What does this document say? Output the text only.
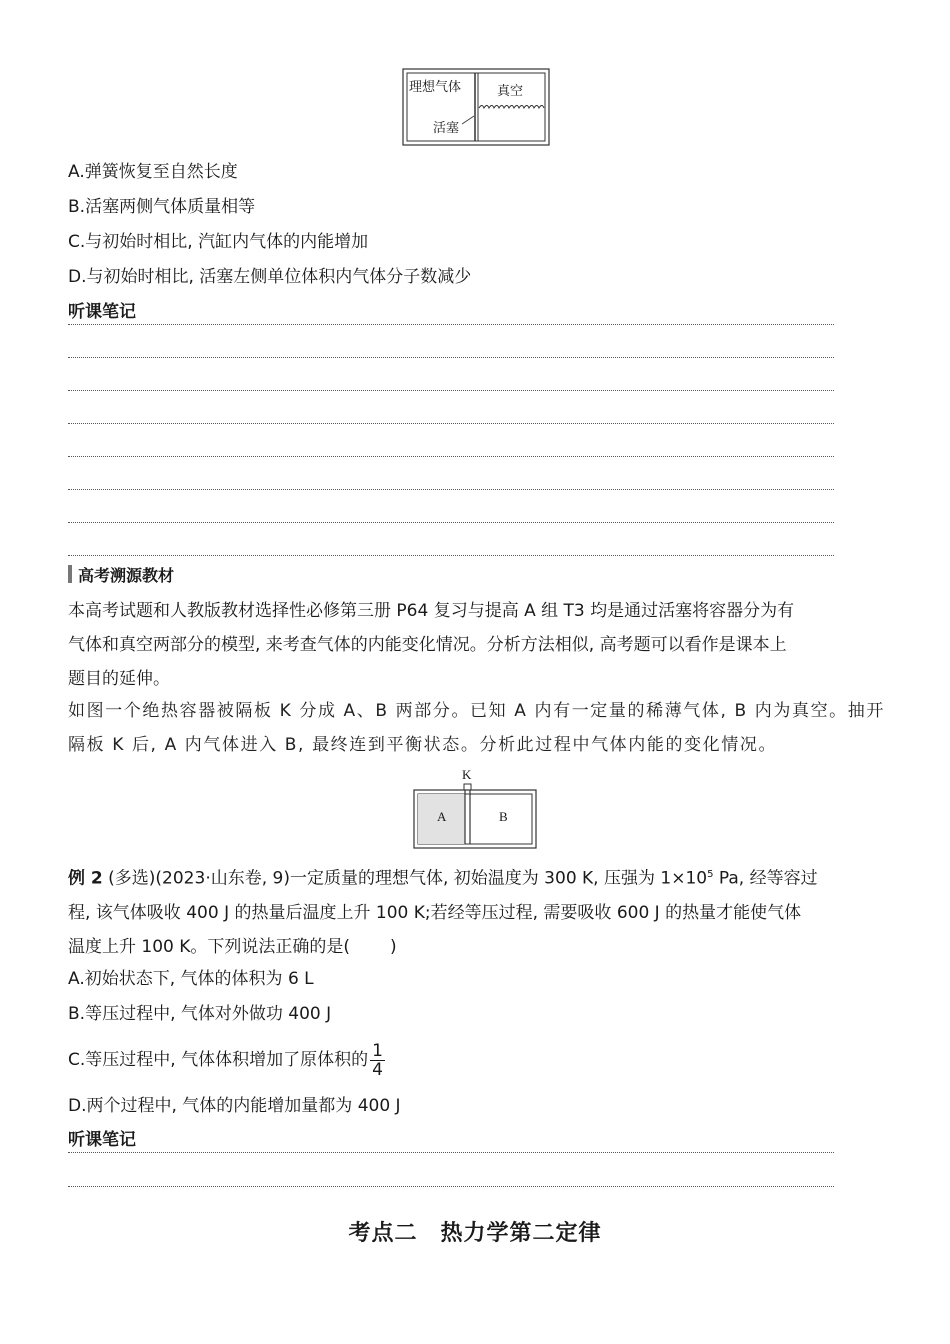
理想气体	真空
活塞
A.弹簧恢复至自然长度
B.活塞两侧气体质量相等
C.与初始时相比, 汽缸内气体的内能增加
D.与初始时相比, 活塞左侧单位体积内气体分子数减少
听课笔记
高考溯源教材
本高考试题和人教版教材选择性必修第三册 P64 复习与提高 A 组 T3 均是通过活塞将容器分为有
气体和真空两部分的模型, 来考查气体的内能变化情况。分析方法相似, 高考题可以看作是课本上
题目的延伸。
如图一个绝热容器被隔板 K 分成 A、B 两部分。已知 A 内有一定量的稀薄气体, B 内为真空。抽开
隔板 K 后, A 内气体进入 B, 最终连到平衡状态。分析此过程中气体内能的变化情况。
K
A	B
例 2 (多选)(2023·山东卷, 9)一定质量的理想气体, 初始温度为 300 K, 压强为 $1\times 10^5$ Pa, 经等容过
程, 该气体吸收 400 J 的热量后温度上升 100 K;若经等压过程, 需要吸收 600 J 的热量才能使气体
温度上升 100 K。下列说法正确的是( )
A.初始状态下, 气体的体积为 6 L
B.等压过程中, 气体对外做功 400 J
C.等压过程中, 气体体积增加了原体积的 $\frac{1}{4}$
D.两个过程中, 气体的内能增加量都为 400 J
听课笔记
考点二　热力学第二定律
